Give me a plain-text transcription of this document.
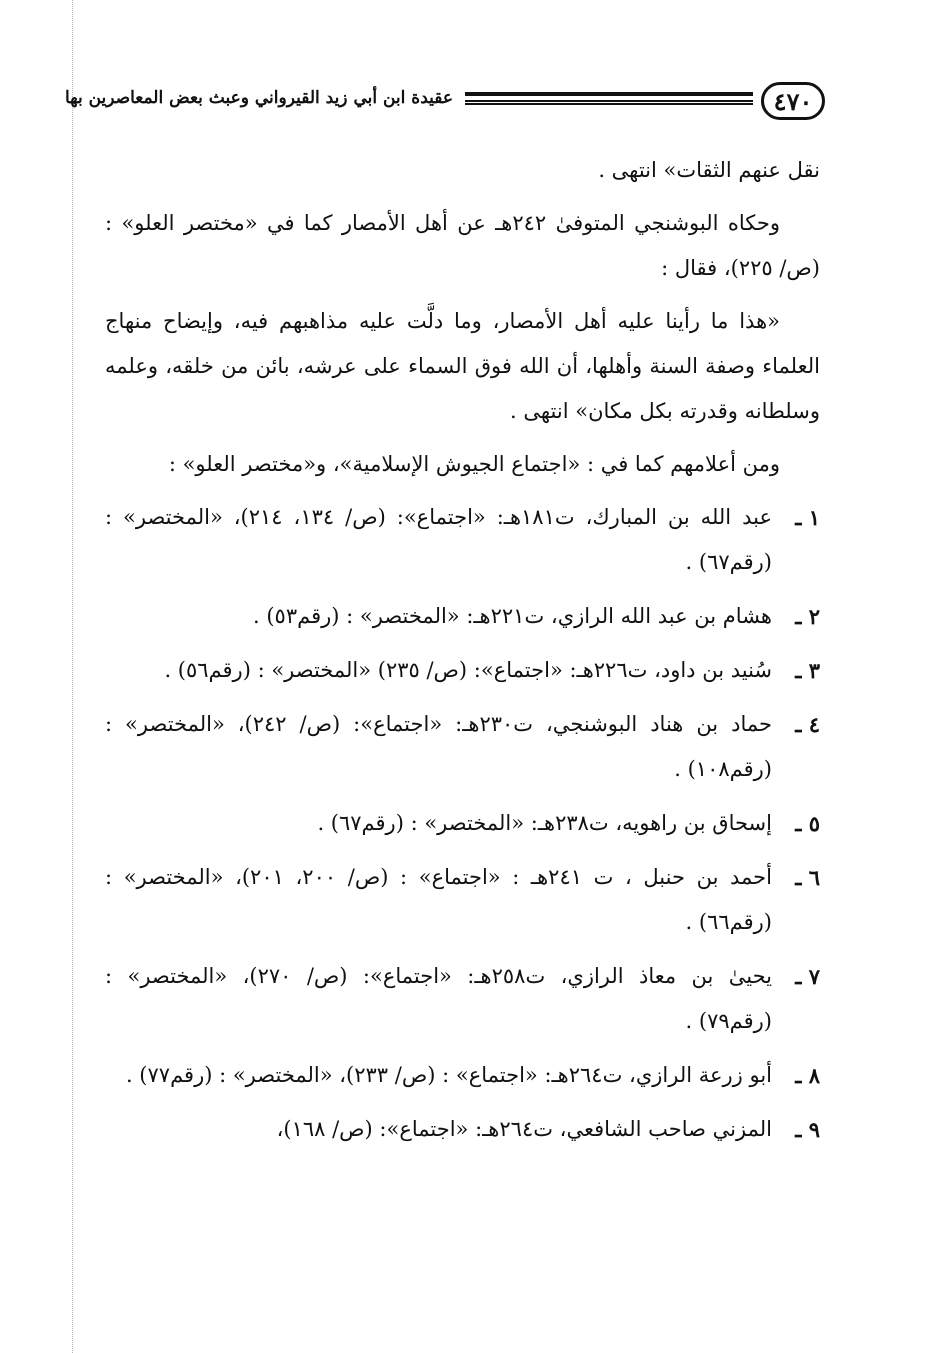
٤٧٠
عقيدة ابن أبي زيد القيرواني وعبث بعض المعاصرين بها

نقل عنهم الثقات» انتهى .

وحكاه البوشنجي المتوفىٰ ٢٤٢هـ عن أهل الأمصار كما في «مختصر العلو» : (ص/ ٢٢٥)، فقال :

«هذا ما رأينا عليه أهل الأمصار، وما دلَّت عليه مذاهبهم فيه، وإيضاح منهاج العلماء وصفة السنة وأهلها، أن الله فوق السماء على عرشه، بائن من خلقه، وعلمه وسلطانه وقدرته بكل مكان» انتهى .

ومن أعلامهم كما في : «اجتماع الجيوش الإسلامية»، و«مختصر العلو» :

١ ـ
عبد الله بن المبارك، ت١٨١هـ: «اجتماع»: (ص/ ١٣٤، ٢١٤)، «المختصر» : (رقم٦٧) .
٢ ـ
هشام بن عبد الله الرازي، ت٢٢١هـ: «المختصر» : (رقم٥٣) .
٣ ـ
سُنيد بن داود، ت٢٢٦هـ: «اجتماع»: (ص/ ٢٣٥) «المختصر» : (رقم٥٦) .
٤ ـ
حماد بن هناد البوشنجي، ت٢٣٠هـ: «اجتماع»: (ص/ ٢٤٢)، «المختصر» : (رقم١٠٨) .
٥ ـ
إسحاق بن راهويه، ت٢٣٨هـ: «المختصر» : (رقم٦٧) .
٦ ـ
أحمد بن حنبل ، ت ٢٤١هـ : «اجتماع» : (ص/ ٢٠٠، ٢٠١)، «المختصر» : (رقم٦٦) .
٧ ـ
يحيىٰ بن معاذ الرازي، ت٢٥٨هـ: «اجتماع»: (ص/ ٢٧٠)، «المختصر» : (رقم٧٩) .
٨ ـ
أبو زرعة الرازي، ت٢٦٤هـ: «اجتماع» : (ص/ ٢٣٣)، «المختصر» : (رقم٧٧) .
٩ ـ
المزني صاحب الشافعي، ت٢٦٤هـ: «اجتماع»: (ص/ ١٦٨)،
